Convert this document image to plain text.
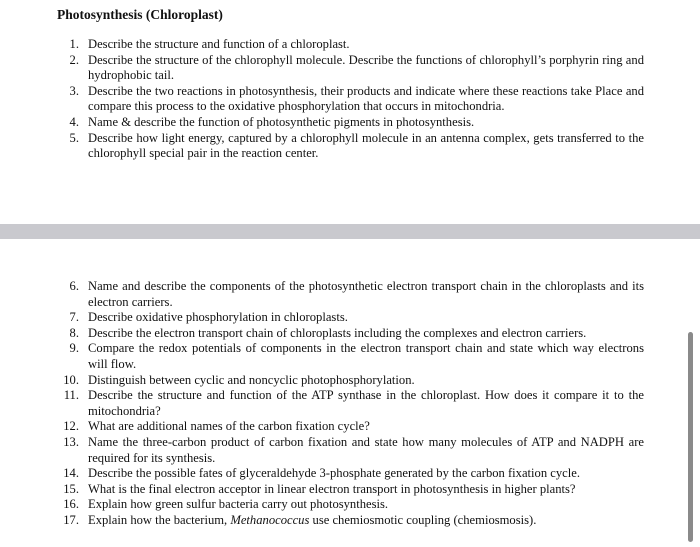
Photosynthesis (Chloroplast)
1. Describe the structure and function of a chloroplast.
2. Describe the structure of the chlorophyll molecule. Describe the functions of chlorophyll’s porphyrin ring and hydrophobic tail.
3. Describe the two reactions in photosynthesis, their products and indicate where these reactions take Place and compare this process to the oxidative phosphorylation that occurs in mitochondria.
4. Name & describe the function of photosynthetic pigments in photosynthesis.
5. Describe how light energy, captured by a chlorophyll molecule in an antenna complex, gets transferred to the chlorophyll special pair in the reaction center.
6. Name and describe the components of the photosynthetic electron transport chain in the chloroplasts and its electron carriers.
7. Describe oxidative phosphorylation in chloroplasts.
8. Describe the electron transport chain of chloroplasts including the complexes and electron carriers.
9. Compare the redox potentials of components in the electron transport chain and state which way electrons will flow.
10. Distinguish between cyclic and noncyclic photophosphorylation.
11. Describe the structure and function of the ATP synthase in the chloroplast. How does it compare it to the mitochondria?
12. What are additional names of the carbon fixation cycle?
13. Name the three-carbon product of carbon fixation and state how many molecules of ATP and NADPH are required for its synthesis.
14. Describe the possible fates of glyceraldehyde 3-phosphate generated by the carbon fixation cycle.
15. What is the final electron acceptor in linear electron transport in photosynthesis in higher plants?
16. Explain how green sulfur bacteria carry out photosynthesis.
17. Explain how the bacterium, Methanococcus use chemiosmotic coupling (chemiosmosis).
